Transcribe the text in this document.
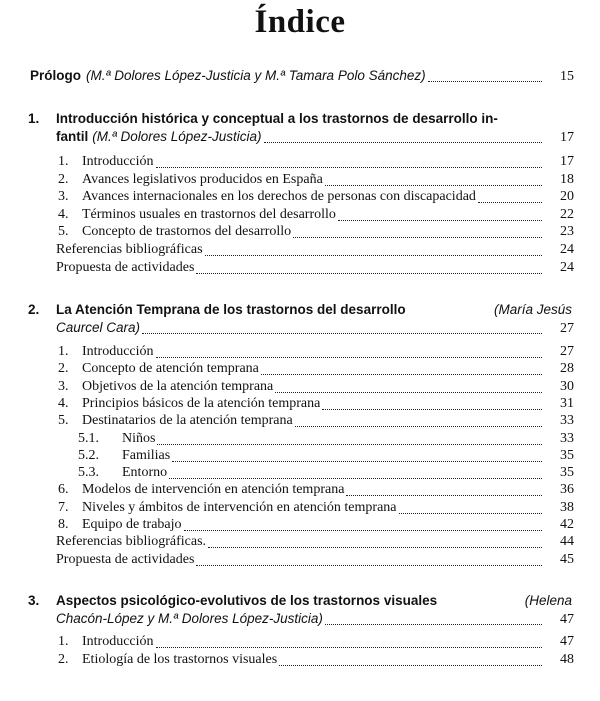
Índice
Prólogo (M.ª Dolores López-Justicia y M.ª Tamara Polo Sánchez)	15
1.	Introducción histórica y conceptual a los trastornos de desarrollo in-
fantil (M.ª Dolores López-Justicia)	17
1. Introducción	17
2. Avances legislativos producidos en España	18
3. Avances internacionales en los derechos de personas con discapacidad	20
4. Términos usuales en trastornos del desarrollo	22
5. Concepto de trastornos del desarrollo	23
Referencias bibliográficas	24
Propuesta de actividades	24
2.	La Atención Temprana de los trastornos del desarrollo	(María Jesús
Caurcel Cara)	27
1. Introducción	27
2. Concepto de atención temprana	28
3. Objetivos de la atención temprana	30
4. Principios básicos de la atención temprana	31
5. Destinatarios de la atención temprana	33
5.1.	Niños	33
5.2.	Familias	35
5.3.	Entorno	35
6. Modelos de intervención en atención temprana	36
7. Niveles y ámbitos de intervención en atención temprana	38
8. Equipo de trabajo	42
Referencias bibliográficas.	44
Propuesta de actividades	45
3.	Aspectos psicológico-evolutivos de los trastornos visuales	(Helena
Chacón-López y M.ª Dolores López-Justicia)	47
1. Introducción	47
2. Etiología de los trastornos visuales	48
